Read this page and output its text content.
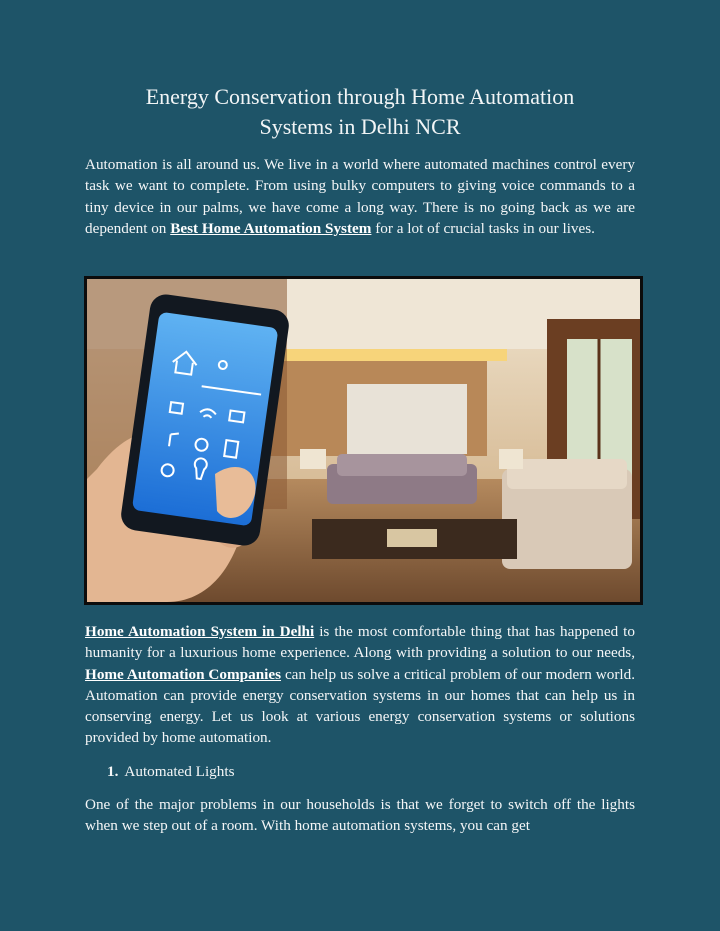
Energy Conservation through Home Automation
Systems in Delhi NCR

Automation is all around us. We live in a world where automated machines control every task we want to complete. From using bulky computers to giving voice commands to a tiny device in our palms, we have come a long way. There is no going back as we are dependent on Best Home Automation System for a lot of crucial tasks in our lives.

Home Automation System in Delhi is the most comfortable thing that has happened to humanity for a luxurious home experience. Along with providing a solution to our needs, Home Automation Companies can help us solve a critical problem of our modern world. Automation can provide energy conservation systems in our homes that can help us in conserving energy. Let us look at various energy conservation systems or solutions provided by home automation.

1. Automated Lights

One of the major problems in our households is that we forget to switch off the lights when we step out of a room. With home automation systems, you can get
